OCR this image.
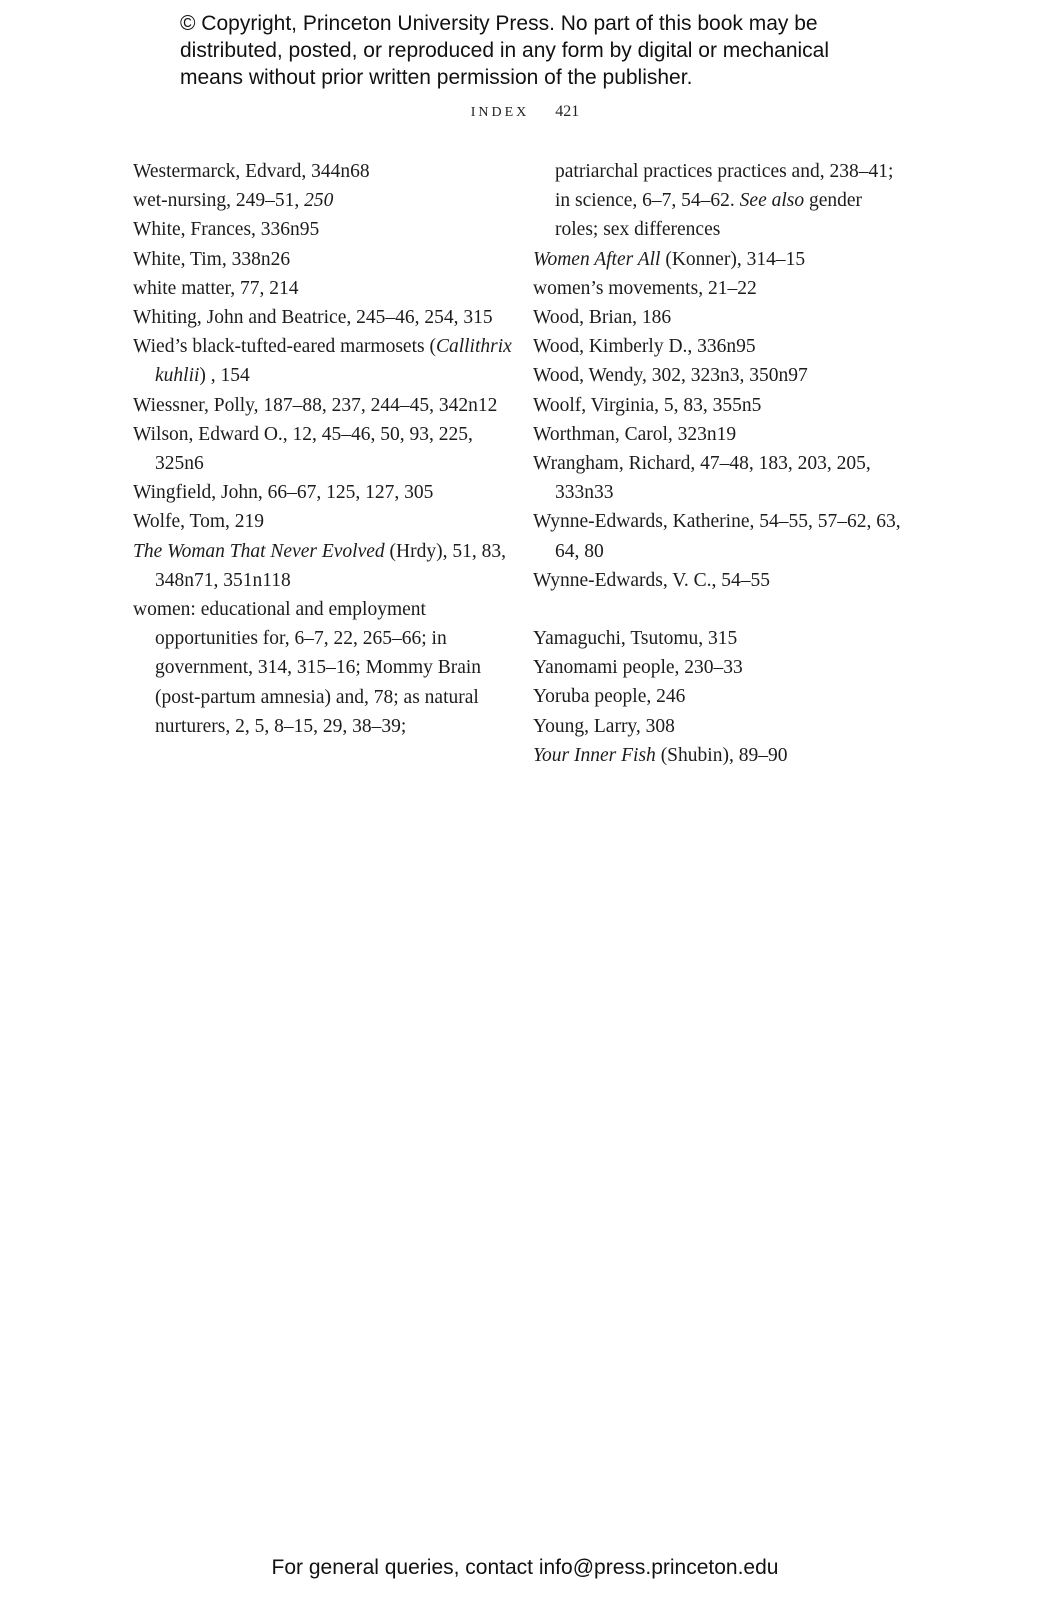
© Copyright, Princeton University Press. No part of this book may be
distributed, posted, or reproduced in any form by digital or mechanical
means without prior written permission of the publisher.
INDEX 421
Westermarck, Edvard, 344n68
wet-nursing, 249–51, 250
White, Frances, 336n95
White, Tim, 338n26
white matter, 77, 214
Whiting, John and Beatrice, 245–46, 254, 315
Wied’s black-tufted-eared marmosets (Callithrix kuhlii) , 154
Wiessner, Polly, 187–88, 237, 244–45, 342n12
Wilson, Edward O., 12, 45–46, 50, 93, 225, 325n6
Wingfield, John, 66–67, 125, 127, 305
Wolfe, Tom, 219
The Woman That Never Evolved (Hrdy), 51, 83, 348n71, 351n118
women: educational and employment opportunities for, 6–7, 22, 265–66; in government, 314, 315–16; Mommy Brain (post-partum amnesia) and, 78; as natural nurturers, 2, 5, 8–15, 29, 38–39;
patriarchal practices practices and, 238–41; in science, 6–7, 54–62. See also gender roles; sex differences
Women After All (Konner), 314–15
women’s movements, 21–22
Wood, Brian, 186
Wood, Kimberly D., 336n95
Wood, Wendy, 302, 323n3, 350n97
Woolf, Virginia, 5, 83, 355n5
Worthman, Carol, 323n19
Wrangham, Richard, 47–48, 183, 203, 205, 333n33
Wynne-Edwards, Katherine, 54–55, 57–62, 63, 64, 80
Wynne-Edwards, V. C., 54–55
Yamaguchi, Tsutomu, 315
Yanomami people, 230–33
Yoruba people, 246
Young, Larry, 308
Your Inner Fish (Shubin), 89–90
For general queries, contact info@press.princeton.edu
